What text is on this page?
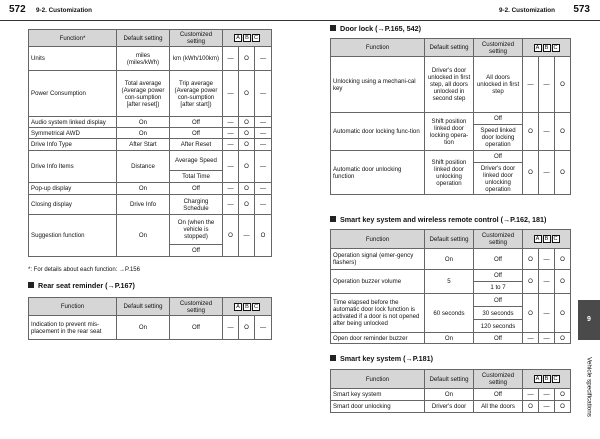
572 9-2. Customization	9-2. Customization 573
Function*	Default setting	Customized setting	A B C		
Units	miles (miles/kWh)	km (kWh/100km)	—	O	—
Power Consumption	Total average (Average power con-sumption [after reset])	Trip average (Average power con-sumption [after start])	—	O	—
Audio system linked display	On	Off	—	O	—
Symmetrical AWD	On	Off	—	O	—
Drive Info Type	After Start	After Reset	—	O	—
Drive Info Items	Distance	Average Speed	—	O	—
		Total Time			
Pop-up display	On	Off	—	O	—
Closing display	Drive Info	Charging Schedule	—	O	—
Suggestion function	On	On (when the vehicle is stopped)	O	—	O
		Off			
*: For details about each function: →P.156
Rear seat reminder (→P.167)
Function	Default setting	Customized setting	A B C		
Indication to prevent mis-placement in the rear seat	On	Off	—	O	—
Door lock (→P.165, 542)
Function	Default setting	Customized setting	A B C		
Unlocking using a mechani-cal key	Driver's door unlocked in first step, all doors unlocked in second step	All doors unlocked in first step	—	—	O
Automatic door locking func-tion	Shift position linked door locking opera-tion	Off	O	—	O
		Speed linked door locking operation			
Automatic door unlocking function	Shift position linked door unlocking operation	Off	O	—	O
		Driver's door linked door unlocking operation			
Smart key system and wireless remote control (→P.162, 181)
Function	Default setting	Customized setting	A B C		
Operation signal (emer-gency flashers)	On	Off	O	—	O
Operation buzzer volume	5	Off	O	—	O
		1 to 7			
Time elapsed before the automatic door lock function is activated if a door is not opened after being unlocked	60 seconds	Off	O	—	O
		30 seconds			
		120 seconds			
Open door reminder buzzer	On	Off	—	—	O
Smart key system (→P.181)
Function	Default setting	Customized setting	A B C		
Smart key system	On	Off	—	—	O
Smart door unlocking	Driver's door	All the doors	O	—	O
9
Vehicle specifications
